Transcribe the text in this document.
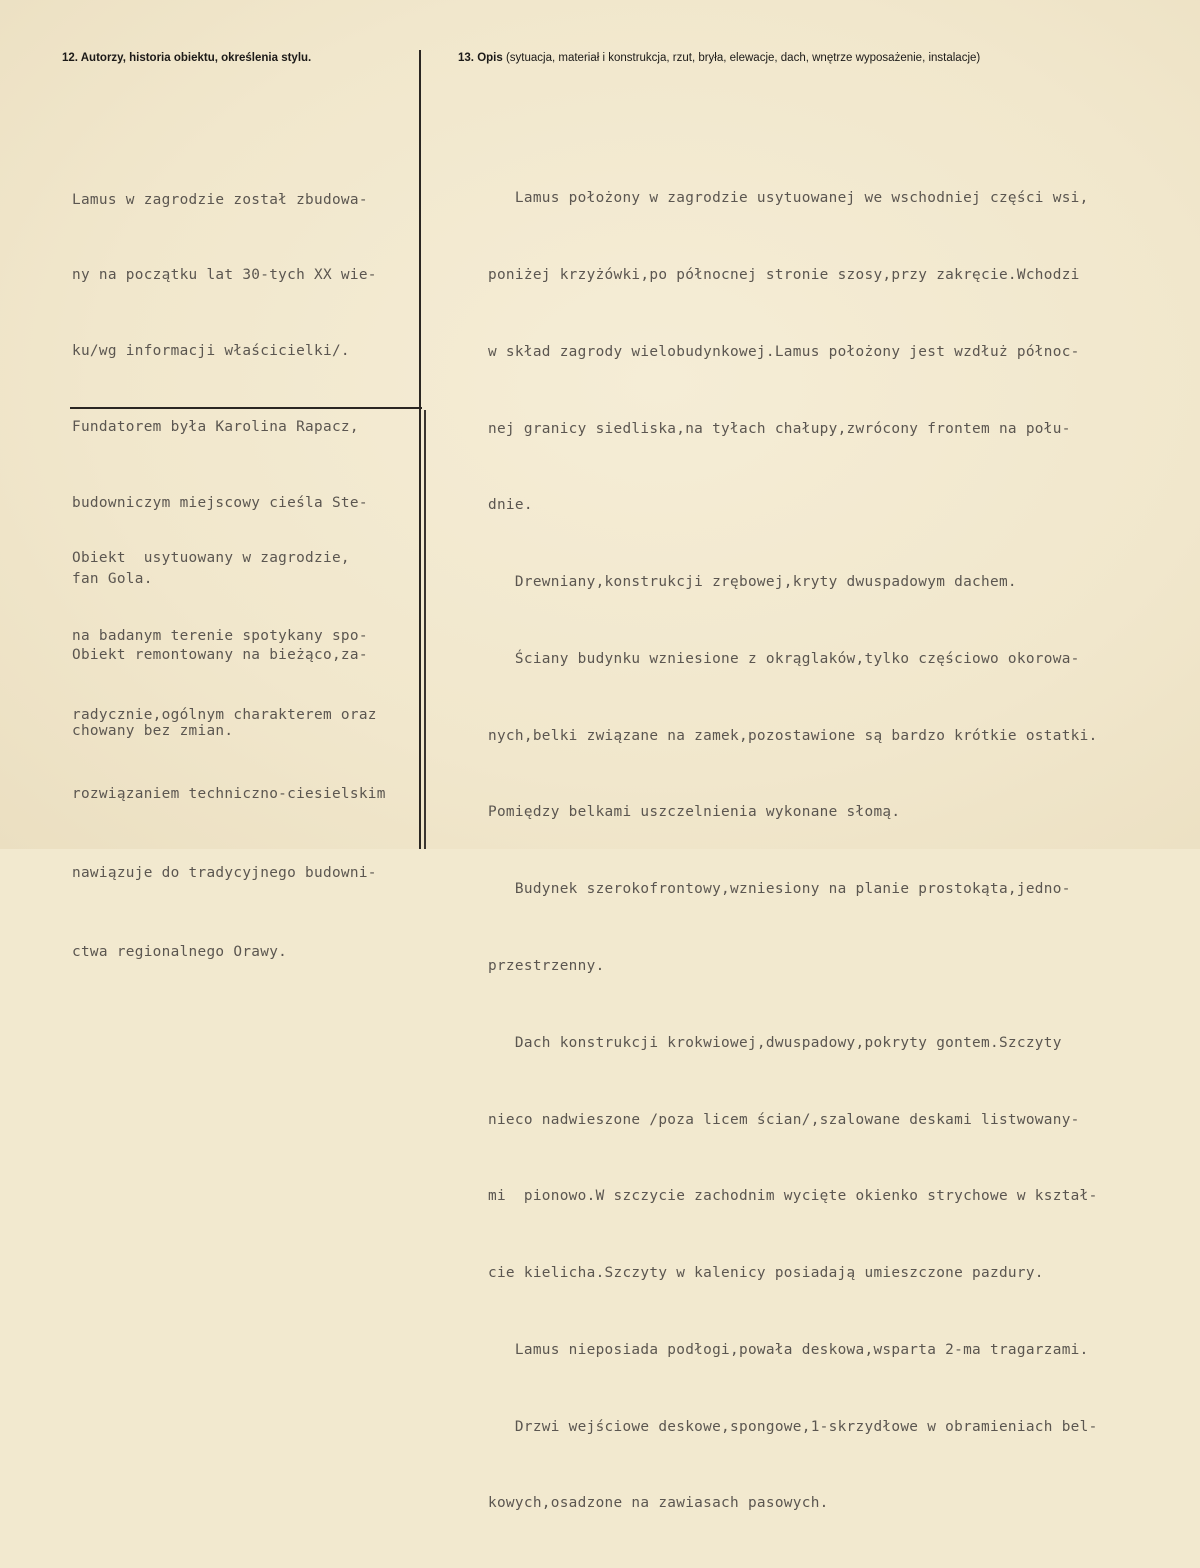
12. Autorzy, historia obiektu, określenia stylu.	13. Opis (sytuacja, materiał i konstrukcja, rzut, bryła, elewacje, dach, wnętrze wyposażenie, instalacje)

Lamus w zagrodzie został zbudowa-

ny na początku lat 30-tych XX wie-

ku/wg informacji właścicielki/.

Fundatorem była Karolina Rapacz,

budowniczym miejscowy cieśla Ste-

fan Gola.

Obiekt remontowany na bieżąco,za-

chowany bez zmian.

Obiekt  usytuowany w zagrodzie,

na badanym terenie spotykany spo-

radycznie,ogólnym charakterem oraz

rozwiązaniem techniczno-ciesielskim

nawiązuje do tradycyjnego budowni-

ctwa regionalnego Orawy.

Lamus położony w zagrodzie usytuowanej we wschodniej części wsi,

poniżej krzyżówki,po północnej stronie szosy,przy zakręcie.Wchodzi

w skład zagrody wielobudynkowej.Lamus położony jest wzdłuż północ-

nej granicy siedliska,na tyłach chałupy,zwrócony frontem na połu-

dnie.

Drewniany,konstrukcji zrębowej,kryty dwuspadowym dachem.

Ściany budynku wzniesione z okrąglaków,tylko częściowo okorowa-

nych,belki związane na zamek,pozostawione są bardzo krótkie ostatki.

Pomiędzy belkami uszczelnienia wykonane słomą.

Budynek szerokofrontowy,wzniesiony na planie prostokąta,jedno-

przestrzenny.

Dach konstrukcji krokwiowej,dwuspadowy,pokryty gontem.Szczyty

nieco nadwieszone /poza licem ścian/,szalowane deskami listwowany-

mi  pionowo.W szczycie zachodnim wycięte okienko strychowe w kształ-

cie kielicha.Szczyty w kalenicy posiadają umieszczone pazdury.

Lamus nieposiada podłogi,powała deskowa,wsparta 2-ma tragarzami.

Drzwi wejściowe deskowe,spongowe,1-skrzydłowe w obramieniach bel-

kowych,osadzone na zawiasach pasowych.
